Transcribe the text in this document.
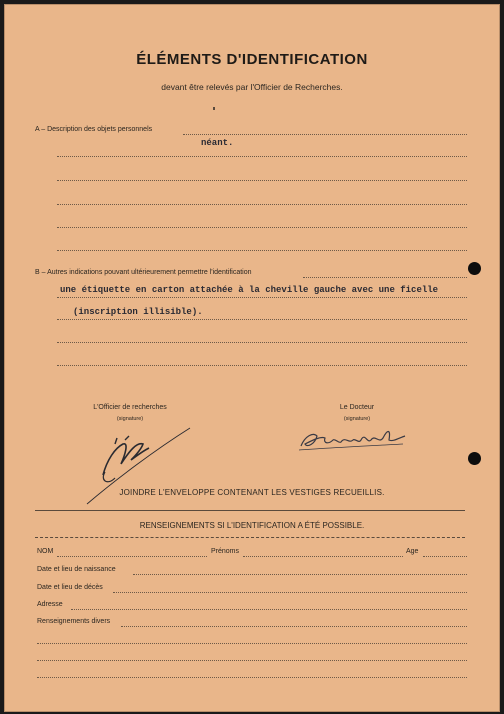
ÉLÉMENTS D'IDENTIFICATION
devant être relevés par l'Officier de Recherches.
A – Description des objets personnels
néant.
B – Autres indications pouvant ultérieurement permettre l'identification
une étiquette en carton attachée à la cheville gauche avec une ficelle
(inscription illisible).
L'Officier de recherches
(signature)
Le Docteur
(signature)
JOINDRE L'ENVELOPPE CONTENANT LES VESTIGES RECUEILLIS.
RENSEIGNEMENTS SI L'IDENTIFICATION A ÉTÉ POSSIBLE.
NOM	Prénoms	Age
Date et lieu de naissance
Date et lieu de décès
Adresse
Renseignements divers
